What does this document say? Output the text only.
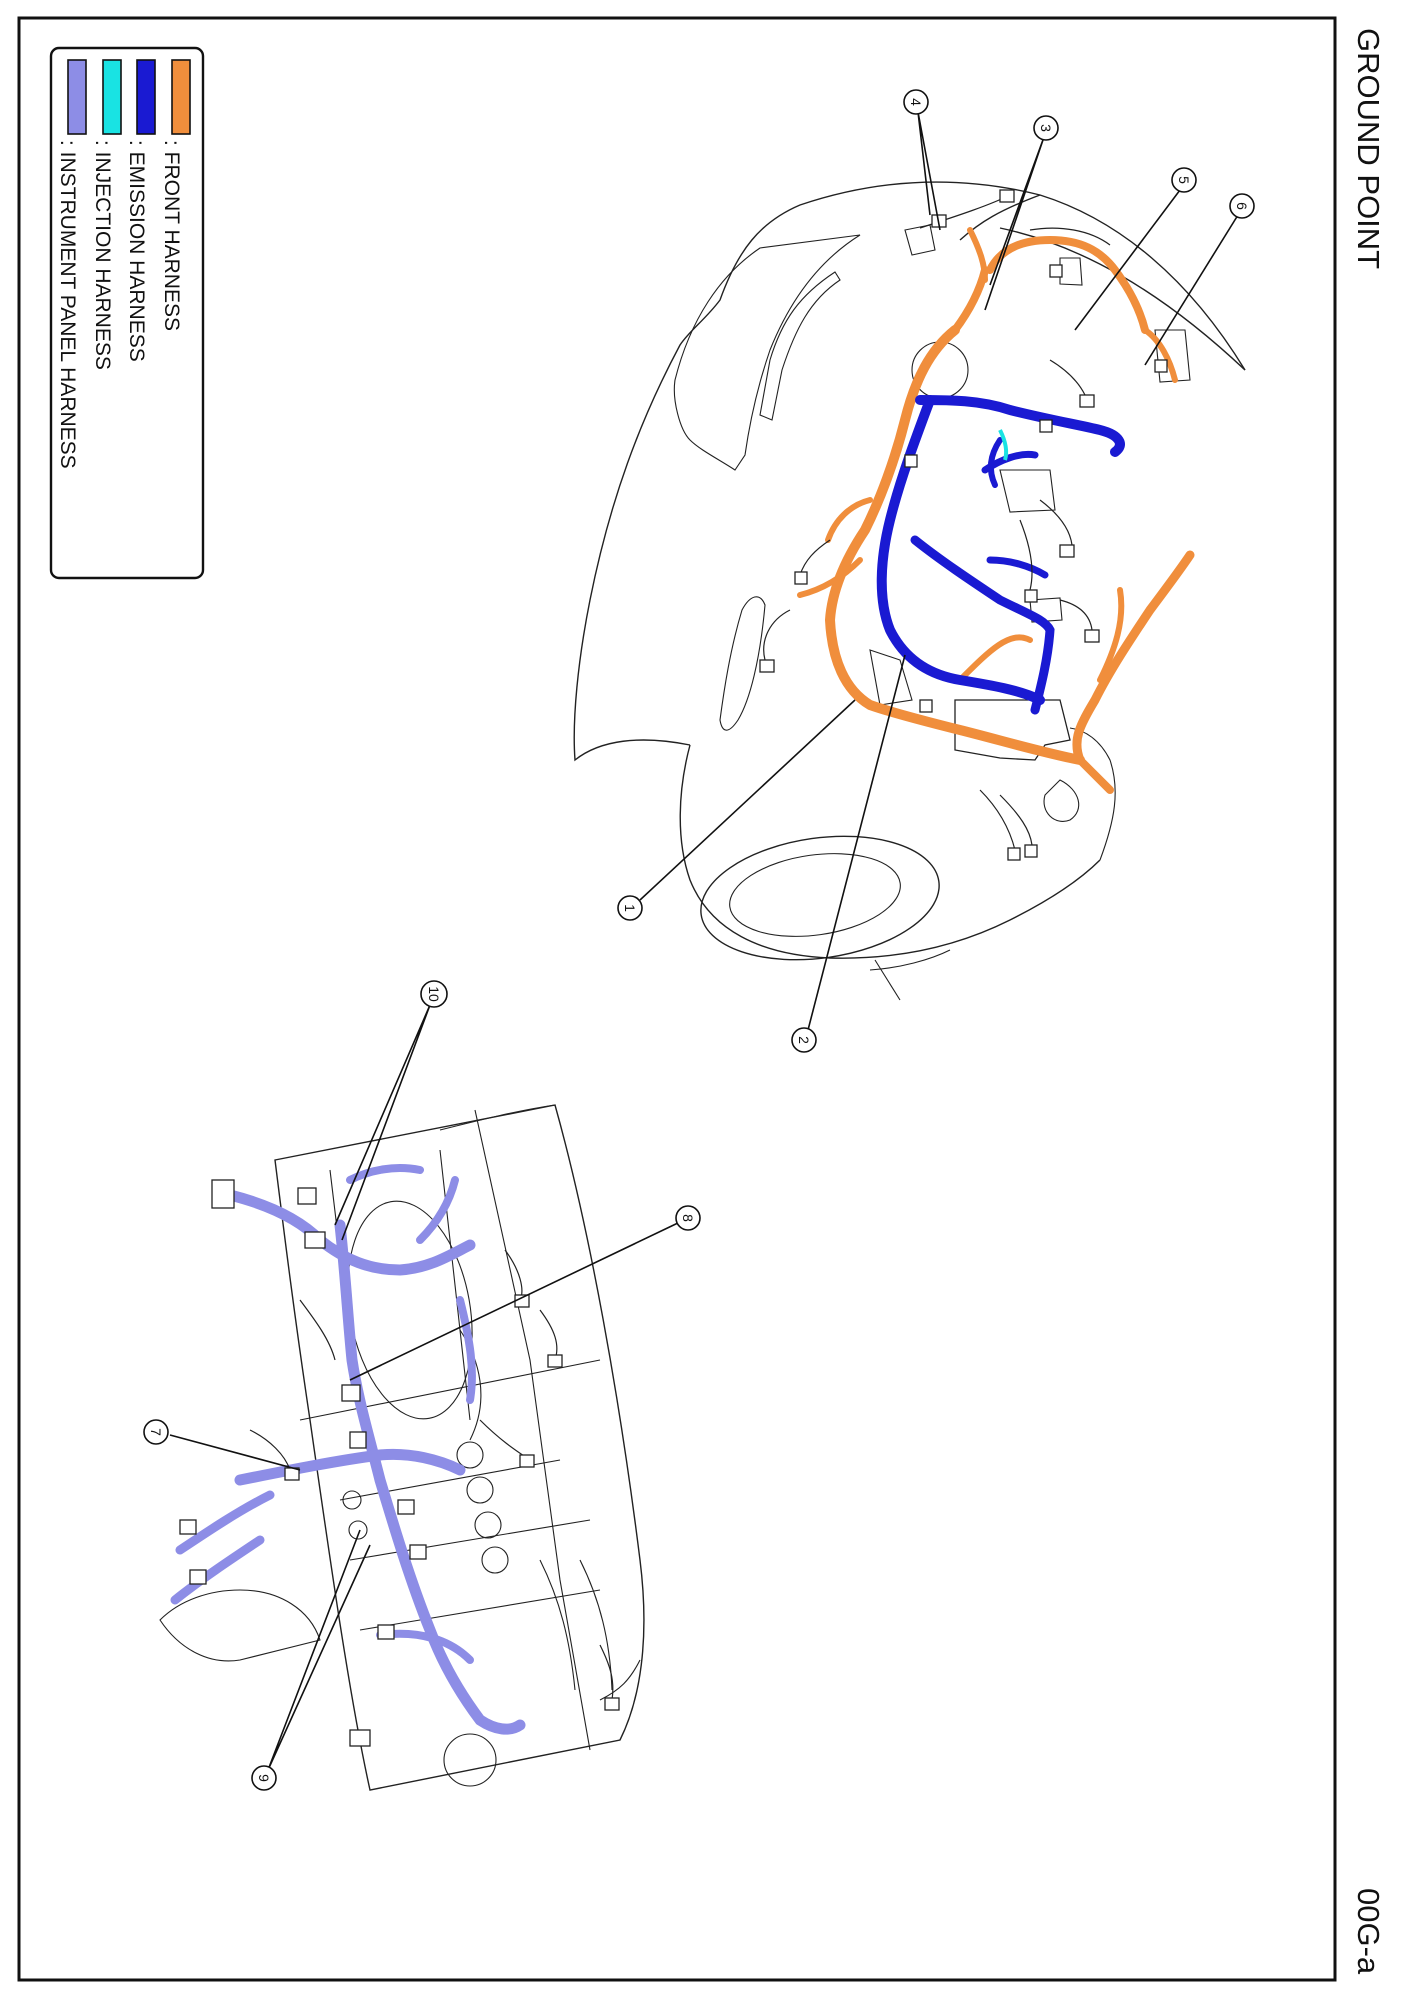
GROUND POINT
00G-a
: FRONT HARNESS
: EMISSION HARNESS
: INJECTION HARNESS
: INSTRUMENT PANEL HARNESS
1
2
3
4
5
6
7
8
9
10
